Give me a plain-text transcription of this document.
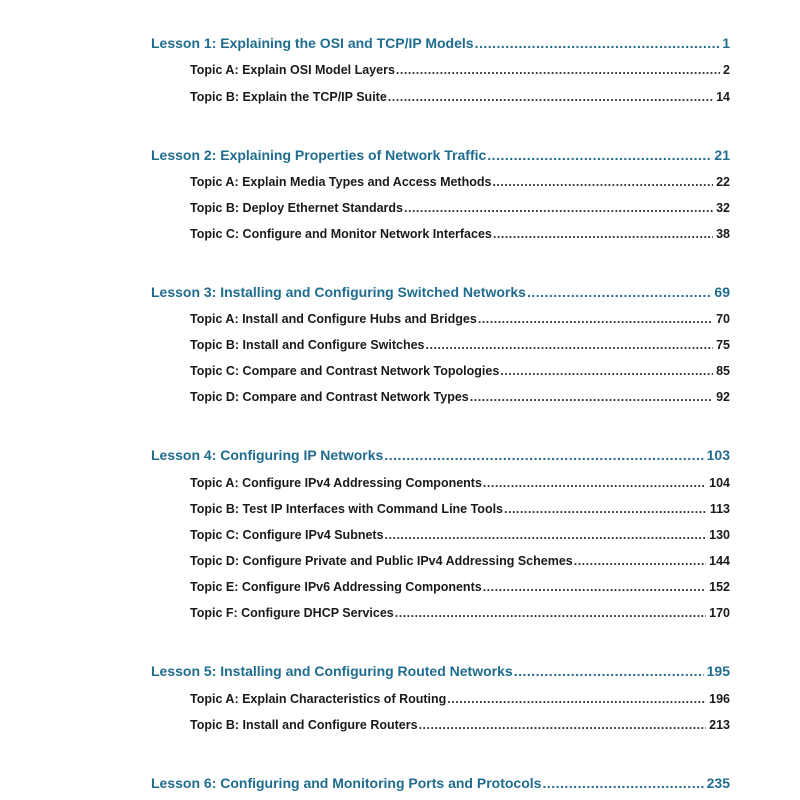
Lesson 1: Explaining the OSI and TCP/IP Models .....	1
Topic A: Explain OSI Model Layers .....	2
Topic B: Explain the TCP/IP Suite .....	14
Lesson 2: Explaining Properties of Network Traffic .....	21
Topic A: Explain Media Types and Access Methods .....	22
Topic B: Deploy Ethernet Standards .....	32
Topic C: Configure and Monitor Network Interfaces .....	38
Lesson 3: Installing and Configuring Switched Networks .....	69
Topic A: Install and Configure Hubs and Bridges .....	70
Topic B: Install and Configure Switches .....	75
Topic C: Compare and Contrast Network Topologies .....	85
Topic D: Compare and Contrast Network Types .....	92
Lesson 4: Configuring IP Networks .....	103
Topic A: Configure IPv4 Addressing Components .....	104
Topic B: Test IP Interfaces with Command Line Tools .....	113
Topic C: Configure IPv4 Subnets .....	130
Topic D: Configure Private and Public IPv4 Addressing Schemes .....	144
Topic E: Configure IPv6 Addressing Components .....	152
Topic F: Configure DHCP Services .....	170
Lesson 5: Installing and Configuring Routed Networks .....	195
Topic A: Explain Characteristics of Routing .....	196
Topic B: Install and Configure Routers .....	213
Lesson 6: Configuring and Monitoring Ports and Protocols .....	235
